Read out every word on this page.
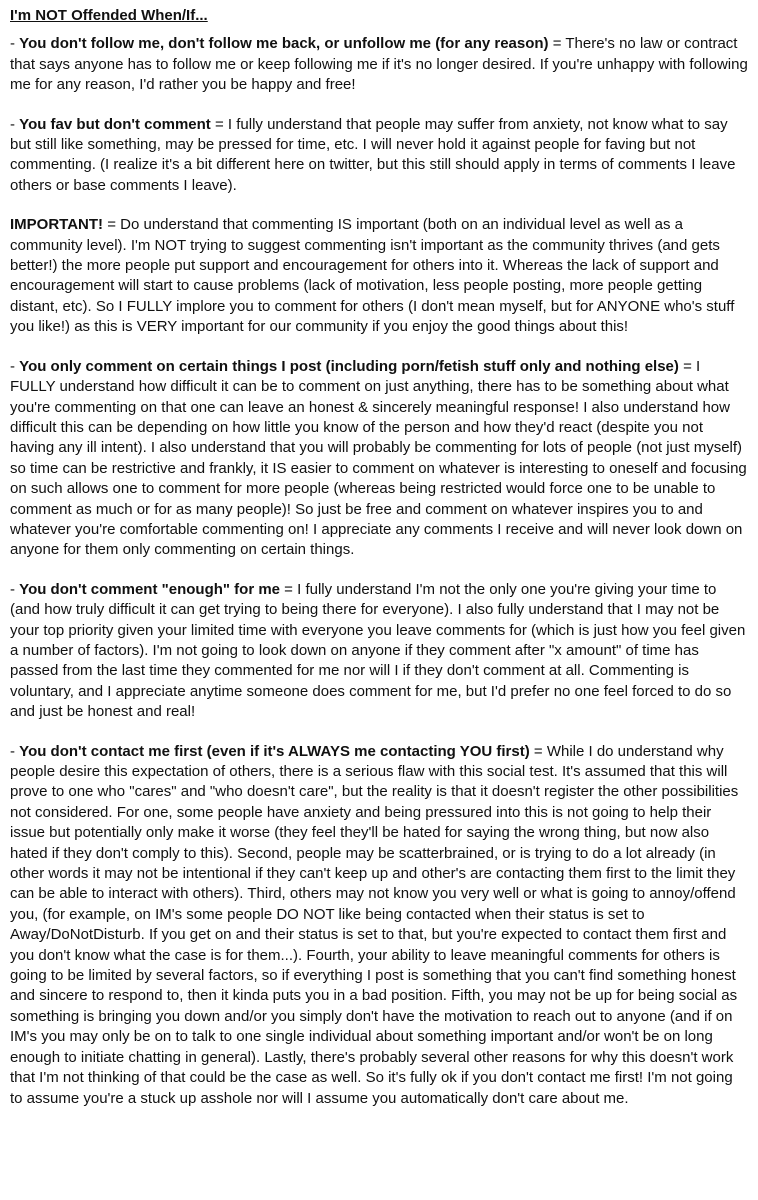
I'm NOT Offended When/If...

- You don't follow me, don't follow me back, or unfollow me (for any reason) = There's no law or contract that says anyone has to follow me or keep following me if it's no longer desired. If you're unhappy with following me for any reason, I'd rather you be happy and free!

- You fav but don't comment = I fully understand that people may suffer from anxiety, not know what to say but still like something, may be pressed for time, etc. I will never hold it against people for faving but not commenting. (I realize it's a bit different here on twitter, but this still should apply in terms of comments I leave others or base comments I leave).

IMPORTANT! = Do understand that commenting IS important (both on an individual level as well as a community level). I'm NOT trying to suggest commenting isn't important as the community thrives (and gets better!) the more people put support and encouragement for others into it. Whereas the lack of support and encouragement will start to cause problems (lack of motivation, less people posting, more people getting distant, etc). So I FULLY implore you to comment for others (I don't mean myself, but for ANYONE who's stuff you like!) as this is VERY important for our community if you enjoy the good things about this!

- You only comment on certain things I post (including porn/fetish stuff only and nothing else) = I FULLY understand how difficult it can be to comment on just anything, there has to be something about what you're commenting on that one can leave an honest & sincerely meaningful response! I also understand how difficult this can be depending on how little you know of the person and how they'd react (despite you not having any ill intent). I also understand that you will probably be commenting for lots of people (not just myself) so time can be restrictive and frankly, it IS easier to comment on whatever is interesting to oneself and focusing on such allows one to comment for more people (whereas being restricted would force one to be unable to comment as much or for as many people)! So just be free and comment on whatever inspires you to and whatever you're comfortable commenting on! I appreciate any comments I receive and will never look down on anyone for them only commenting on certain things.

- You don't comment "enough" for me = I fully understand I'm not the only one you're giving your time to (and how truly difficult it can get trying to being there for everyone). I also fully understand that I may not be your top priority given your limited time with everyone you leave comments for (which is just how you feel given a number of factors). I'm not going to look down on anyone if they comment after "x amount" of time has passed from the last time they commented for me nor will I if they don't comment at all. Commenting is voluntary, and I appreciate anytime someone does comment for me, but I'd prefer no one feel forced to do so and just be honest and real!

- You don't contact me first (even if it's ALWAYS me contacting YOU first) = While I do understand why people desire this expectation of others, there is a serious flaw with this social test. It's assumed that this will prove to one who "cares" and "who doesn't care", but the reality is that it doesn't register the other possibilities not considered. For one, some people have anxiety and being pressured into this is not going to help their issue but potentially only make it worse (they feel they'll be hated for saying the wrong thing, but now also hated if they don't comply to this). Second, people may be scatterbrained, or is trying to do a lot already (in other words it may not be intentional if they can't keep up and other's are contacting them first to the limit they can be able to interact with others). Third, others may not know you very well or what is going to annoy/offend you, (for example, on IM's some people DO NOT like being contacted when their status is set to Away/DoNotDisturb. If you get on and their status is set to that, but you're expected to contact them first and you don't know what the case is for them...). Fourth, your ability to leave meaningful comments for others is going to be limited by several factors, so if everything I post is something that you can't find something honest and sincere to respond to, then it kinda puts you in a bad position. Fifth, you may not be up for being social as something is bringing you down and/or you simply don't have the motivation to reach out to anyone (and if on IM's you may only be on to talk to one single individual about something important and/or won't be on long enough to initiate chatting in general). Lastly, there's probably several other reasons for why this doesn't work that I'm not thinking of that could be the case as well. So it's fully ok if you don't contact me first! I'm not going to assume you're a stuck up asshole nor will I assume you automatically don't care about me.
